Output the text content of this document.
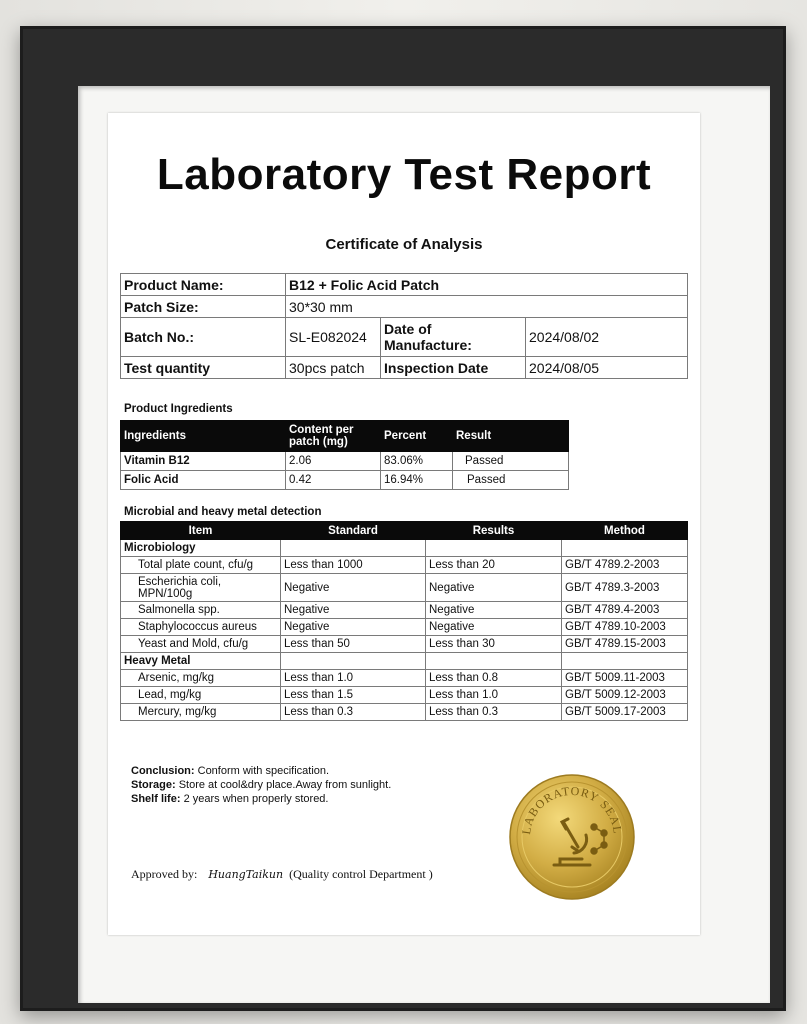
Laboratory Test Report
Certificate of Analysis
Product Name:	B12 + Folic Acid Patch		
Patch Size:	30*30 mm		
Batch No.:	SL-E082024	Date of Manufacture:	2024/08/02
Test quantity	30pcs patch	Inspection Date	2024/08/05
Product Ingredients
Ingredients	Content per patch (mg)	Percent	Result
Vitamin B12	2.06	83.06%	Passed
Folic Acid	0.42	16.94%	Passed
Microbial and heavy metal detection
Item	Standard	Results	Method
Microbiology			
Total plate count, cfu/g	Less than 1000	Less than 20	GB/T 4789.2-2003
Escherichia coli, MPN/100g	Negative	Negative	GB/T 4789.3-2003
Salmonella spp.	Negative	Negative	GB/T 4789.4-2003
Staphylococcus aureus	Negative	Negative	GB/T 4789.10-2003
Yeast and Mold, cfu/g	Less than 50	Less than 30	GB/T 4789.15-2003
Heavy Metal			
Arsenic, mg/kg	Less than 1.0	Less than 0.8	GB/T 5009.11-2003
Lead, mg/kg	Less than 1.5	Less than 1.0	GB/T 5009.12-2003
Mercury, mg/kg	Less than 0.3	Less than 0.3	GB/T 5009.17-2003
Conclusion: Conform with specification.
Storage: Store at cool&dry place.Away from sunlight.
Shelf life: 2 years when properly stored.
Approved by: HuangTaikun (Quality control Department )
LABORATORY SEAL
